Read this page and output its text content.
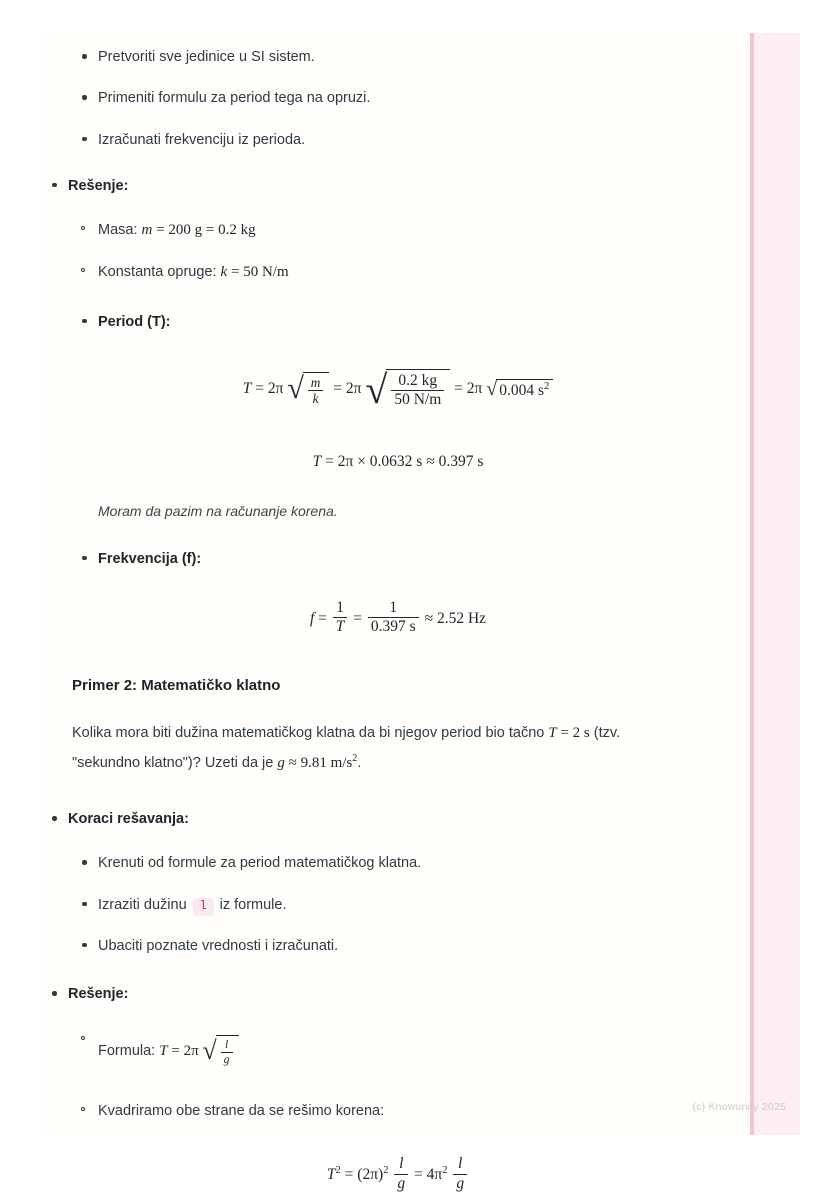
Pretvoriti sve jedinice u SI sistem.
Primeniti formulu za period tega na opruzi.
Izračunati frekvenciju iz perioda.
Rešenje:
Masa: m = 200 g = 0.2 kg
Konstanta opruge: k = 50 N/m
Period (T):
T = 2π √ $\frac{m}{k} = 2\pi$ √ $\frac{0.2 kg}{50 N/m} = 2\pi$ √ 0.004 $s^2$
T = 2π × 0.0632 s ≈ 0.397 s
Moram da pazim na računanje korena.
Frekvencija (f):
$f = \frac{1}{T} = \frac{1}{0.397 s} \approx 2.52$ Hz
Primer 2: Matematičko klatno
Kolika mora biti dužina matematičkog klatna da bi njegov period bio tačno T = 2 s (tzv. "sekundno klatno")? Uzeti da je g ≈ 9.81 $m/s^2$.
Koraci rešavanja:
Krenuti od formule za period matematičkog klatna.
Izraziti dužinu l iz formule.
Ubaciti poznate vrednosti i izračunati.
Rešenje:
Formula: T = 2π √ $\frac{l}{g}$
Kvadriramo obe strane da se rešimo korena:
$T^2 = (2\pi)^2 \frac{l}{g} = 4\pi^2 \frac{l}{g}$
(c) Knowunity 2025
